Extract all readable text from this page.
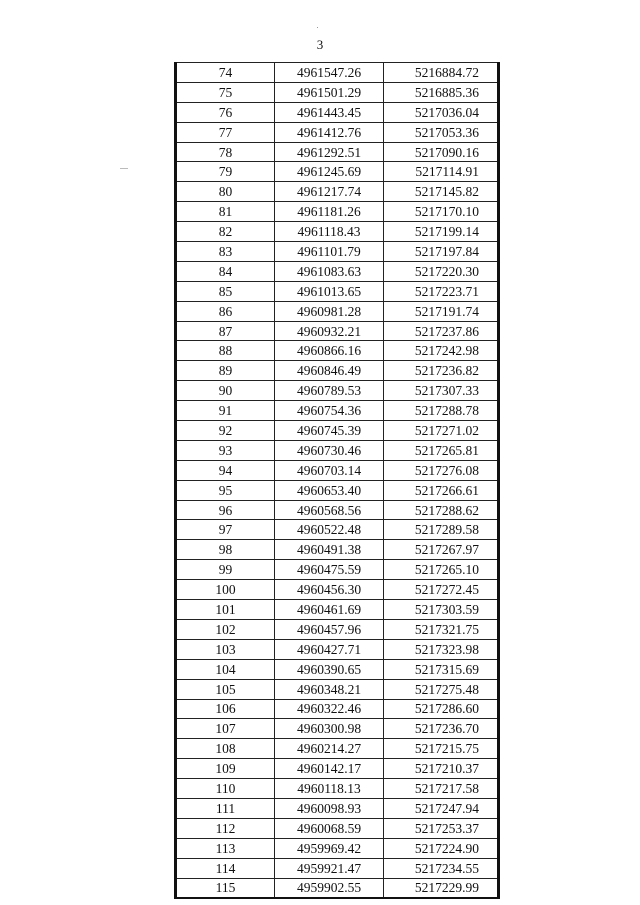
3
74	4961547.26	5216884.72
75	4961501.29	5216885.36
76	4961443.45	5217036.04
77	4961412.76	5217053.36
78	4961292.51	5217090.16
79	4961245.69	5217114.91
80	4961217.74	5217145.82
81	4961181.26	5217170.10
82	4961118.43	5217199.14
83	4961101.79	5217197.84
84	4961083.63	5217220.30
85	4961013.65	5217223.71
86	4960981.28	5217191.74
87	4960932.21	5217237.86
88	4960866.16	5217242.98
89	4960846.49	5217236.82
90	4960789.53	5217307.33
91	4960754.36	5217288.78
92	4960745.39	5217271.02
93	4960730.46	5217265.81
94	4960703.14	5217276.08
95	4960653.40	5217266.61
96	4960568.56	5217288.62
97	4960522.48	5217289.58
98	4960491.38	5217267.97
99	4960475.59	5217265.10
100	4960456.30	5217272.45
101	4960461.69	5217303.59
102	4960457.96	5217321.75
103	4960427.71	5217323.98
104	4960390.65	5217315.69
105	4960348.21	5217275.48
106	4960322.46	5217286.60
107	4960300.98	5217236.70
108	4960214.27	5217215.75
109	4960142.17	5217210.37
110	4960118.13	5217217.58
111	4960098.93	5217247.94
112	4960068.59	5217253.37
113	4959969.42	5217224.90
114	4959921.47	5217234.55
115	4959902.55	5217229.99
